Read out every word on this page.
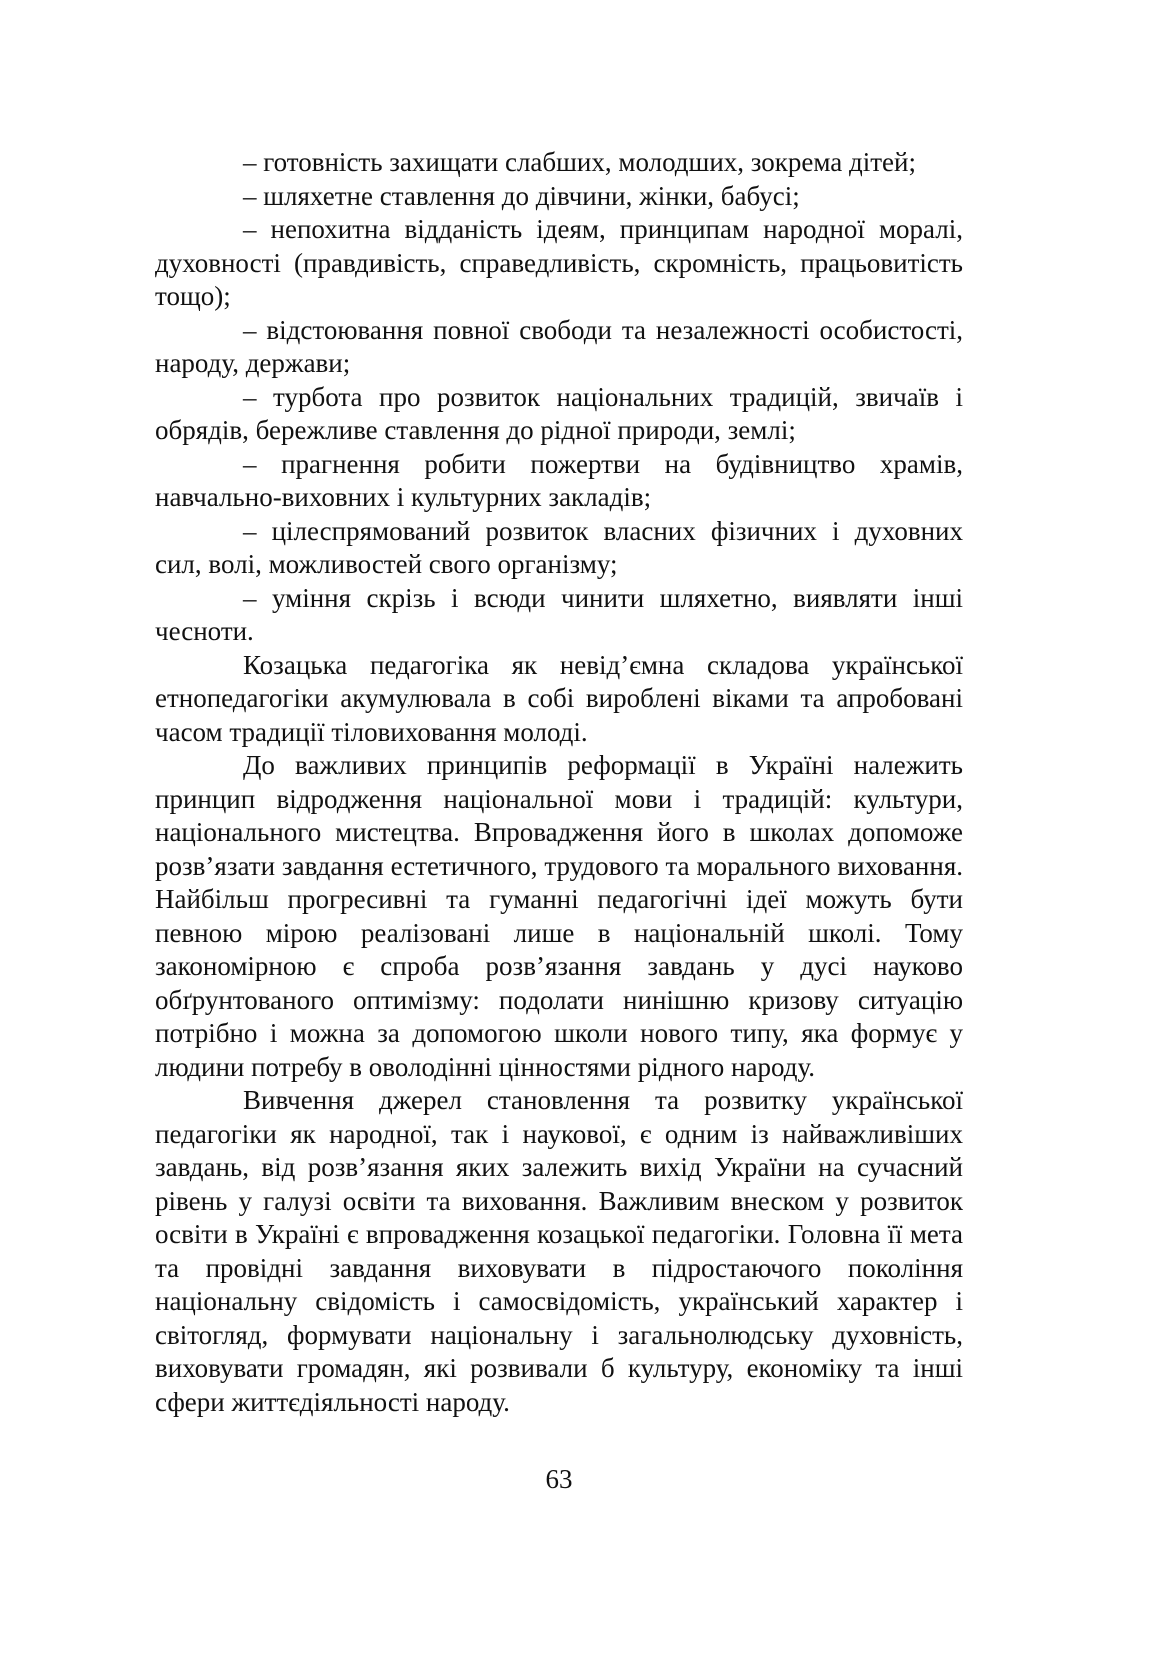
– готовність захищати слабших, молодших, зокрема дітей;

– шляхетне ставлення до дівчини, жінки, бабусі;

– непохитна відданість ідеям, принципам народної моралі, духовності (правдивість, справедливість, скромність, працьовитість тощо);

– відстоювання повної свободи та незалежності особистості, народу, держави;

– турбота про розвиток національних традицій, звичаїв і обрядів, бережливе ставлення до рідної природи, землі;

– прагнення робити пожертви на будівництво храмів, навчально-виховних і культурних закладів;

– цілеспрямований розвиток власних фізичних і духовних сил, волі, можливостей свого організму;

– уміння скрізь і всюди чинити шляхетно, виявляти інші чесноти.

Козацька педагогіка як невід’ємна складова української етнопедагогіки акумулювала в собі вироблені віками та апробовані часом традиції тіловиховання молоді.

До важливих принципів реформації в Україні належить принцип відродження національної мови і традицій: культури, національного мистецтва. Впровадження його в школах допоможе розв’язати завдання естетичного, трудового та морального виховання. Найбільш прогресивні та гуманні педагогічні ідеї можуть бути певною мірою реалізовані лише в національній школі. Тому закономірною є спроба розв’язання завдань у дусі науково обґрунтованого оптимізму: подолати нинішню кризову ситуацію потрібно і можна за допомогою школи нового типу, яка формує у людини потребу в оволодінні цінностями рідного народу.

Вивчення джерел становлення та розвитку української педагогіки як народної, так і наукової, є одним із найважливіших завдань, від розв’язання яких залежить вихід України на сучасний рівень у галузі освіти та виховання. Важливим внеском у розвиток освіти в Україні є впровадження козацької педагогіки. Головна її мета та провідні завдання виховувати в підростаючого покоління національну свідомість і самосвідомість, український характер і світогляд, формувати національну і загальнолюдську духовність, виховувати громадян, які розвивали б культуру, економіку та інші сфери життєдіяльності народу.

63
